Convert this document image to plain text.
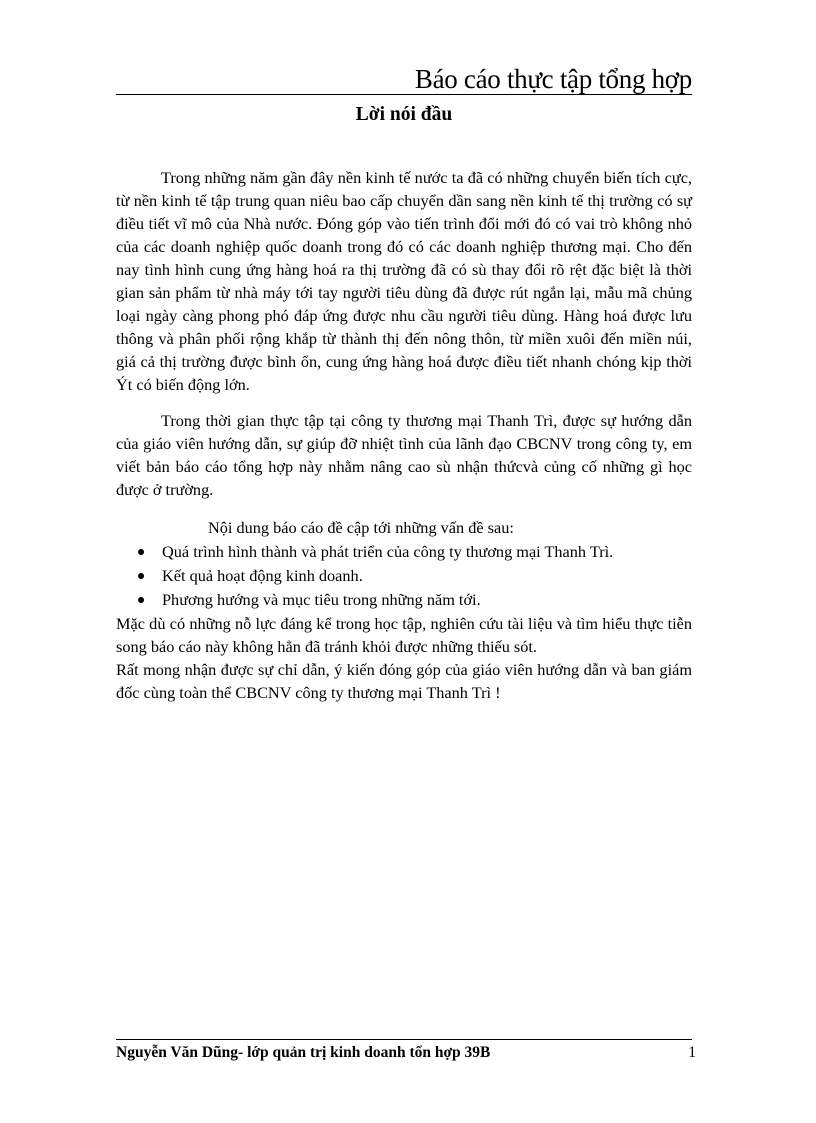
Báo cáo thực tập tổng hợp
Lời nói đầu

Trong những năm gần đây nền kinh tế nước ta đã có những chuyển biến tích cực, từ nền kinh tế tập trung quan niêu bao cấp chuyển dần sang nền kinh tế thị trường có sự điều tiết vĩ mô của Nhà nước. Đóng góp vào tiến trình đổi mới đó có vai trò không nhỏ của các doanh nghiệp quốc doanh trong đó có các doanh nghiệp thương mại. Cho đến nay tình hình cung ứng hàng hoá ra thị trường đã có sù thay đổi rõ rệt đặc biệt là thời gian sản phẩm từ nhà máy tới tay người tiêu dùng đã được rút ngắn lại, mẫu mã chủng loại ngày càng phong phó đáp ứng được nhu cầu người tiêu dùng. Hàng hoá được lưu thông và phân phối rộng khắp từ thành thị đến nông thôn, từ miền xuôi đến miền núi, giá cả thị trường được bình ổn, cung ứng hàng hoá được điều tiết nhanh chóng kịp thời Ýt có biến động lớn.

Trong thời gian thực tập tại công ty thương mại Thanh Trì, được sự hướng dẫn của giáo viên hướng dẫn, sự giúp đỡ nhiệt tình của lãnh đạo CBCNV trong công ty, em viết bản báo cáo tổng hợp này nhằm nâng cao sù nhận thứcvà củng cố những gì học được ở trường.

Nội dung báo cáo đề cập tới những vấn đề sau:

Quá trình hình thành và phát triển của công ty thương mại Thanh Trì.
Kết quả hoạt động kinh doanh.
Phương hướng và mục tiêu trong những năm tới.

Mặc dù có những nỗ lực đáng kể trong học tập, nghiên cứu tài liệu và tìm hiểu thực tiễn song báo cáo này không hẳn đã tránh khỏi được những thiếu sót.

Rất mong nhận được sự chỉ dẫn, ý kiến đóng góp của giáo viên hướng dẫn và ban giám đốc cùng toàn thể CBCNV công ty thương mại Thanh Trì !

Nguyễn Văn Dũng- lớp quản trị kinh doanh tổn hợp 39B	1
